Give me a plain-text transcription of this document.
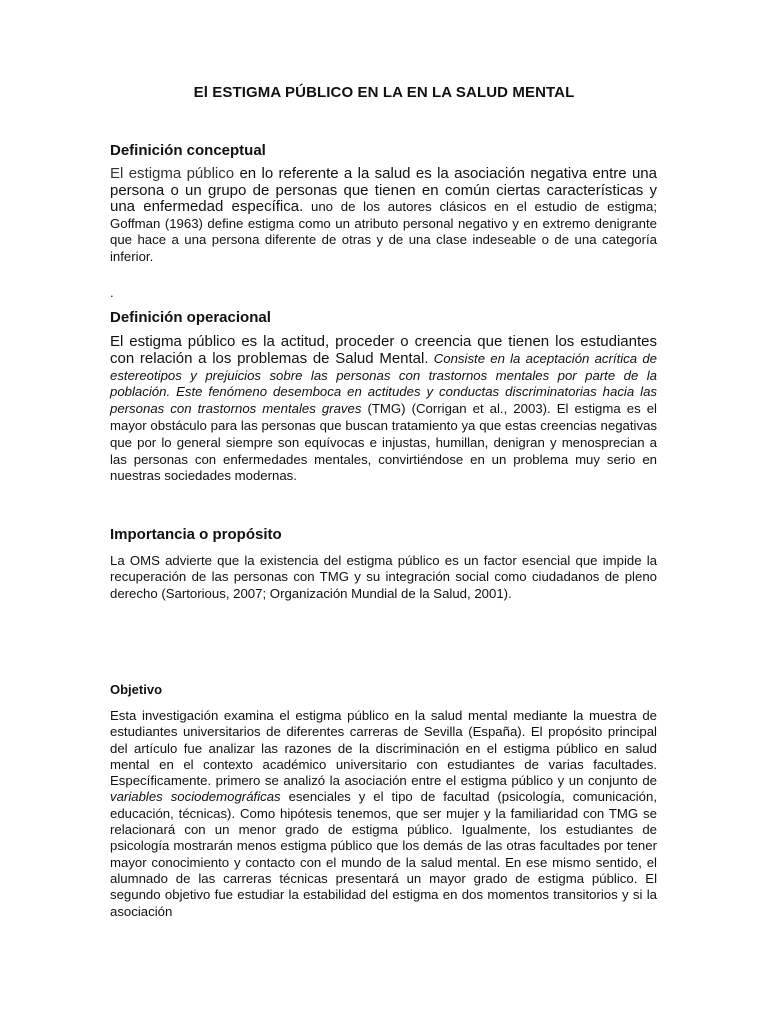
El ESTIGMA PÚBLICO EN LA EN LA SALUD MENTAL
Definición conceptual

El estigma público en lo referente a la salud es la asociación negativa entre una persona o un grupo de personas que tienen en común ciertas características y una enfermedad específica. uno de los autores clásicos en el estudio de estigma; Goffman (1963) define estigma como un atributo personal negativo y en extremo denigrante que hace a una persona diferente de otras y de una clase indeseable o de una categoría inferior.

.
Definición operacional

El estigma público es la actitud, proceder o creencia que tienen los estudiantes con relación a los problemas de Salud Mental. Consiste en la aceptación acrítica de estereotipos y prejuicios sobre las personas con trastornos mentales por parte de la población. Este fenómeno desemboca en actitudes y conductas discriminatorias hacia las personas con trastornos mentales graves (TMG) (Corrigan et al., 2003). El estigma es el mayor obstáculo para las personas que buscan tratamiento ya que estas creencias negativas que por lo general siempre son equívocas e injustas, humillan, denigran y menosprecian a las personas con enfermedades mentales, convirtiéndose en un problema muy serio en nuestras sociedades modernas.

Importancia o propósito

La OMS advierte que la existencia del estigma público es un factor esencial que impide la recuperación de las personas con TMG y su integración social como ciudadanos de pleno derecho (Sartorious, 2007; Organización Mundial de la Salud, 2001).

Objetivo

Esta investigación examina el estigma público en la salud mental mediante la muestra de estudiantes universitarios de diferentes carreras de Sevilla (España). El propósito principal del artículo fue analizar las razones de la discriminación en el estigma público en salud mental en el contexto académico universitario con estudiantes de varias facultades. Específicamente. primero se analizó la asociación entre el estigma público y un conjunto de variables sociodemográficas esenciales y el tipo de facultad (psicología, comunicación, educación, técnicas). Como hipótesis tenemos, que ser mujer y la familiaridad con TMG se relacionará con un menor grado de estigma público. Igualmente, los estudiantes de psicología mostrarán menos estigma público que los demás de las otras facultades por tener mayor conocimiento y contacto con el mundo de la salud mental. En ese mismo sentido, el alumnado de las carreras técnicas presentará un mayor grado de estigma público. El segundo objetivo fue estudiar la estabilidad del estigma en dos momentos transitorios y si la asociación
